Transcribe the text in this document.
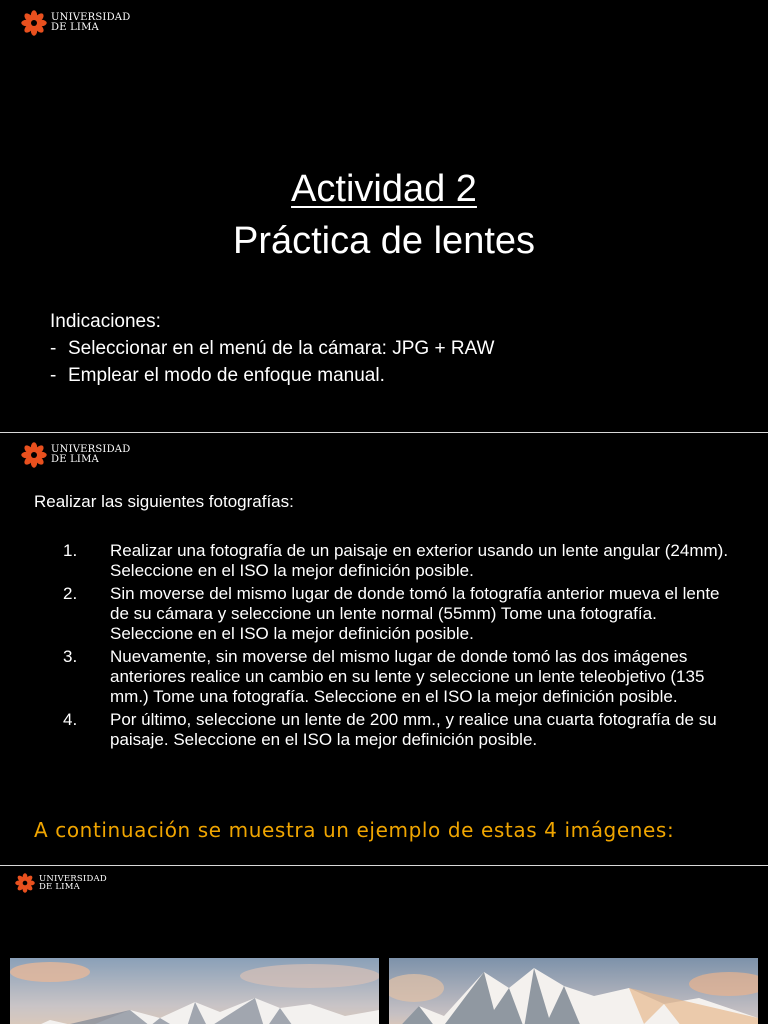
UNIVERSIDAD
DE LIMA
Actividad 2
Práctica de lentes
Indicaciones:
- Seleccionar en el menú de la cámara: JPG + RAW
- Emplear el modo de enfoque manual.
UNIVERSIDAD
DE LIMA
Realizar las siguientes fotografías:
1.	Realizar una fotografía de un paisaje en exterior usando un lente angular (24mm). Seleccione en el ISO la mejor definición posible.
2.	Sin moverse del mismo lugar de donde tomó la fotografía anterior mueva el lente de su cámara y seleccione un lente normal (55mm) Tome una fotografía. Seleccione en el ISO la mejor definición posible.
3.	Nuevamente, sin moverse del mismo lugar de donde tomó las dos imágenes anteriores realice un cambio en su lente y seleccione un lente teleobjetivo (135 mm.) Tome una fotografía. Seleccione en el ISO la mejor definición posible.
4.	Por último, seleccione un lente de 200 mm., y realice una cuarta fotografía de su paisaje. Seleccione en el ISO la mejor definición posible.
A continuación se muestra un ejemplo de estas 4 imágenes:
UNIVERSIDAD
DE LIMA
